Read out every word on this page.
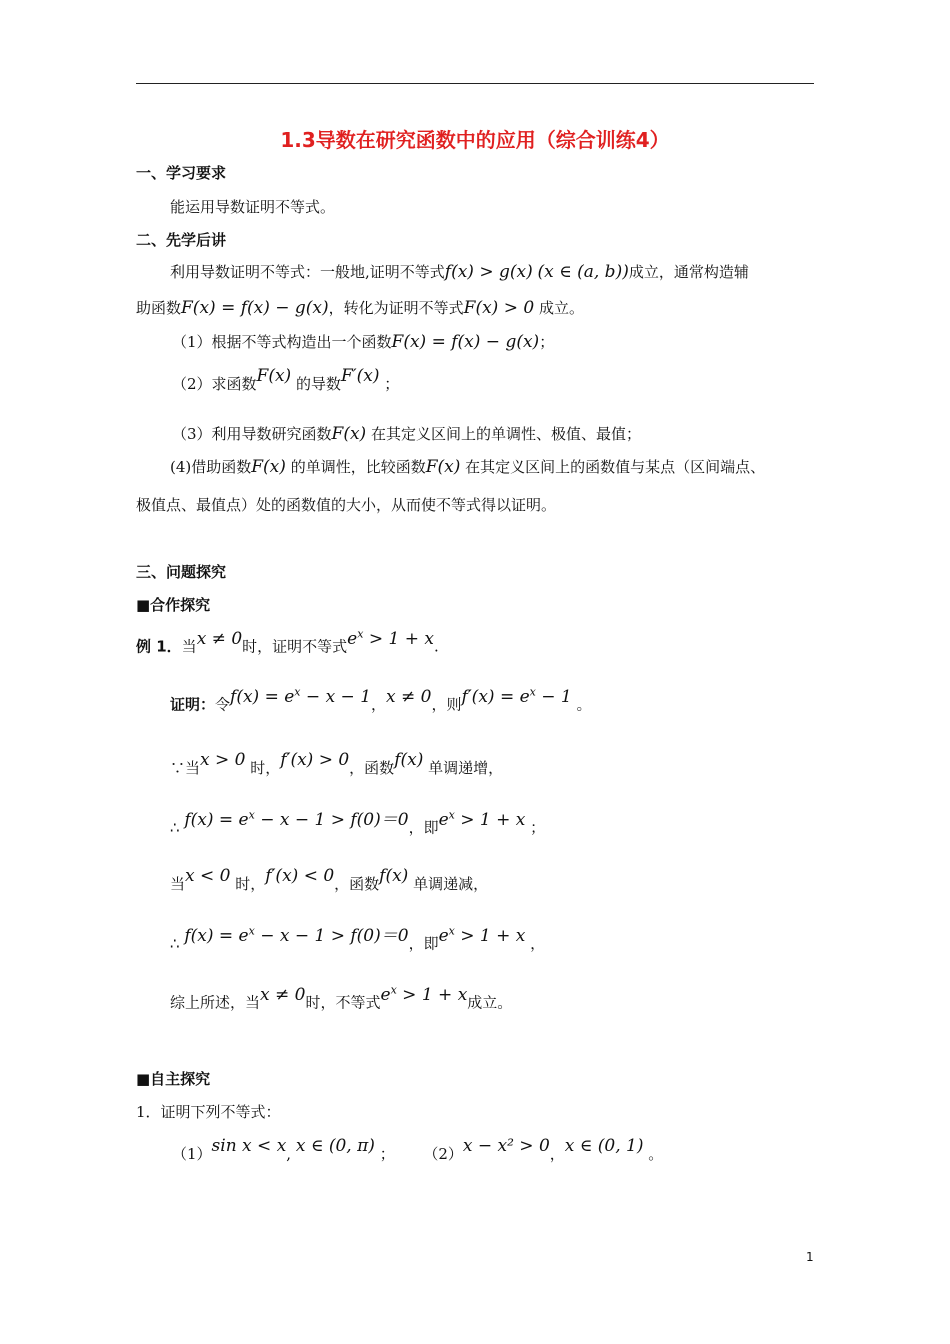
1.3导数在研究函数中的应用（综合训练4）
一、学习要求
能运用导数证明不等式。
二、先学后讲
利用导数证明不等式：一般地,证明不等式f(x) > g(x) (x ∈ (a, b))成立，通常构造辅
助函数F(x) = f(x) − g(x)，转化为证明不等式F(x) > 0 成立。
（1）根据不等式构造出一个函数F(x) = f(x) − g(x)；
（2）求函数F(x) 的导数F′(x) ；
（3）利用导数研究函数F(x) 在其定义区间上的单调性、极值、最值；
(4)借助函数F(x) 的单调性，比较函数F(x) 在其定义区间上的函数值与某点（区间端点、
极值点、最值点）处的函数值的大小，从而使不等式得以证明。
三、问题探究
■合作探究
例 1．当x ≠ 0时，证明不等式$e^x > 1 + x$.
证明：令$f(x) = e^x - x - 1$，x ≠ 0，则$f'(x) = e^x - 1$ 。
∵当x > 0 时，f′(x) > 0，函数f(x) 单调递增，
∴ $f(x) = e^x - x - 1 > f(0)=0$，即$e^x > 1 + x$ ；
当x < 0 时，f′(x) < 0，函数f(x) 单调递减，
∴ $f(x) = e^x - x - 1 > f(0)=0$，即$e^x > 1 + x$ ，
综上所述，当x ≠ 0时，不等式$e^x > 1 + x$成立。
■自主探究
1．证明下列不等式：
（1）sin x < x, x ∈ (0, π) ； （2）x − x² > 0，x ∈ (0, 1) 。
1
